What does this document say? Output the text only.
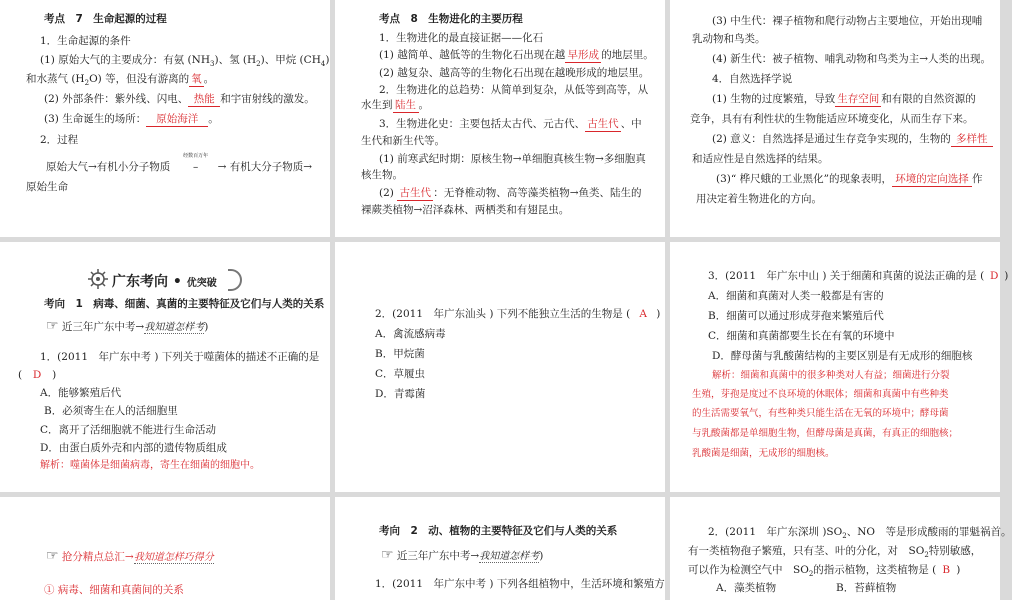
考点　7　生命起源的过程
1．生命起源的条件
(1) 原始大气的主要成分：有氨 $(NH_3)$、氢 $(H_2)$、甲烷 $(CH_4)$
和水蒸气 $(H_2O)$ 等，但没有游离的 氧 。
(2) 外部条件：紫外线、闪电、 热能 和宇宙射线的激发。
(3) 生命诞生的场所： 原始海洋 。
2．过程
原始大气→有机小分子物质
经数百万年
–→ 有机大分子物质→
原始生命
考点　8　生物进化的主要历程
1．生物进化的最直接证据——化石
(1) 越简单、越低等的生物化石出现在越 早形成 的地层里。
(2) 越复杂、越高等的生物化石出现在越晚形成的地层里。
2．生物进化的总趋势：从简单到复杂，从低等到高等，从
水生到 陆生 。
3．生物进化史：主要包括太古代、元古代、 古生代 、中
生代和新生代等。
(1) 前寒武纪时期：原核生物→单细胞真核生物→多细胞真
核生物。
(2) 古生代 ：无脊椎动物、高等藻类植物→鱼类、陆生的
裸蕨类植物→沼泽森林、两栖类和有翅昆虫。
(3) 中生代：裸子植物和爬行动物占主要地位，开始出现哺
乳动物和鸟类。
(4) 新生代：被子植物、哺乳动物和鸟类为主→人类的出现。
4．自然选择学说
(1) 生物的过度繁殖，导致 生存空间 和有限的自然资源的
竞争，具有有利性状的生物能适应环境变化，从而生存下来。
(2) 意义：自然选择是通过生存竞争实现的，生物的 多样性
和适应性是自然选择的结果。
(3)“ 桦尺蛾的工业黑化”的现象表明， 环境的定向选择 作
用决定着生物进化的方向。
广东考向 • 优突破
考向　1　病毒、细菌、真菌的主要特征及它们与人类的关系
☞ 近三年广东中考→我知道怎样考)
1．(2011　年广东中考 ) 下列关于噬菌体的描述不正确的是
( D )
A．能够繁殖后代
B．必须寄生在人的活细胞里
C．离开了活细胞就不能进行生命活动
D．由蛋白质外壳和内部的遗传物质组成
解析：噬菌体是细菌病毒，寄生在细菌的细胞中。
2．(2011　年广东汕头 ) 下列不能独立生活的生物是 ( A )
A．禽流感病毒
B．甲烷菌
C．草履虫
D．青霉菌
3．(2011　年广东中山 ) 关于细菌和真菌的说法正确的是 ( D )
A．细菌和真菌对人类一般都是有害的
B．细菌可以通过形成芽孢来繁殖后代
C．细菌和真菌都要生长在有氧的环境中
D．酵母菌与乳酸菌结构的主要区别是有无成形的细胞核
解析：细菌和真菌中的很多种类对人有益；细菌进行分裂
生殖，芽孢是度过不良环境的休眠体；细菌和真菌中有些种类
的生活需要氧气，有些种类只能生活在无氧的环境中；酵母菌
与乳酸菌都是单细胞生物，但酵母菌是真菌，有真正的细胞核；
乳酸菌是细菌，无成形的细胞核。
☞ 抢分精点总汇→我知道怎样巧得分
① 病毒、细菌和真菌间的关系
考向　2　动、植物的主要特征及它们与人类的关系
☞ 近三年广东中考→我知道怎样考)
1．(2011　年广东中考 ) 下列各组植物中，生活环境和繁殖方
2．(2011　年广东深圳 )$SO_2$、NO　等是形成酸雨的罪魁祸首。
有一类植物孢子繁殖，只有茎、叶的分化，对　$SO_2$特别敏感，
可以作为检测空气中　$SO_2$的指示植物，这类植物是 ( B )
A．藻类植物	B．苔藓植物
